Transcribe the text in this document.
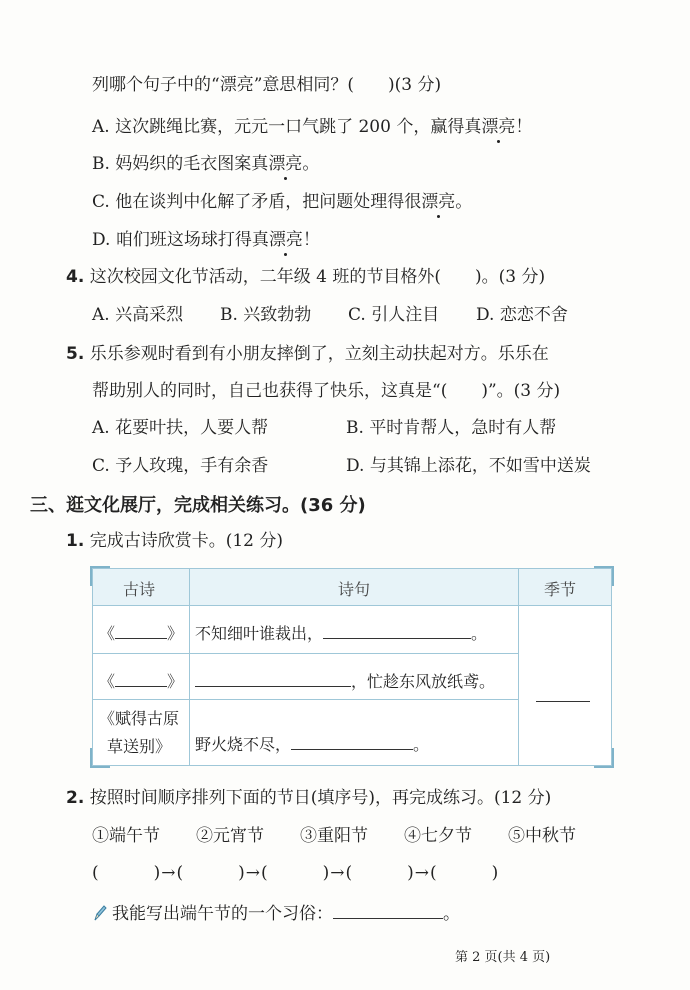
列哪个句子中的“漂亮”意思相同？(　　)(3 分)
A. 这次跳绳比赛，元元一口气跳了 200 个，赢得真漂亮！
B. 妈妈织的毛衣图案真漂亮。
C. 他在谈判中化解了矛盾，把问题处理得很漂亮。
D. 咱们班这场球打得真漂亮！
4. 这次校园文化节活动，二年级 4 班的节目格外(　　)。(3 分)
A. 兴高采烈 B. 兴致勃勃 C. 引人注目 D. 恋恋不舍
5. 乐乐参观时看到有小朋友摔倒了，立刻主动扶起对方。乐乐在
帮助别人的同时，自己也获得了快乐，这真是“(　　)”。(3 分)
A. 花要叶扶，人要人帮	B. 平时肯帮人，急时有人帮
C. 予人玫瑰，手有余香	D. 与其锦上添花，不如雪中送炭
三、逛文化展厅，完成相关练习。(36 分)
1. 完成古诗欣赏卡。(12 分)
古诗	诗句	季节
《	》 不知细叶谁裁出，	。
《	》	，忙趁东风放纸鸢。
《赋得古原
草送别》 野火烧不尽，	。
2. 按照时间顺序排列下面的节日(填序号)，再完成练习。(12 分)
①端午节 ②元宵节 ③重阳节 ④七夕节 ⑤中秋节
(　　　)→(　　　)→(　　　)→(　　　)→(　　　)
我能写出端午节的一个习俗：	。
第 2 页(共 4 页)
